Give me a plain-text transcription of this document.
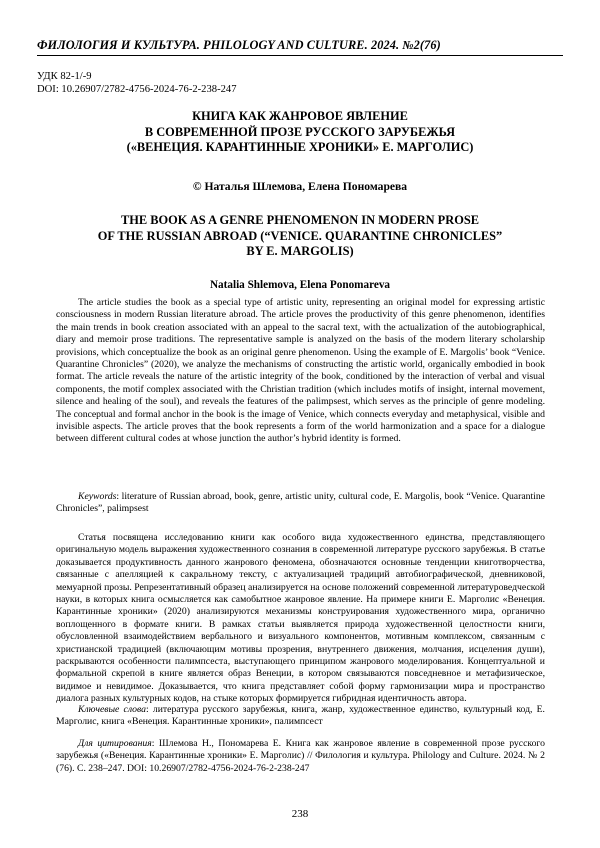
ФИЛОЛОГИЯ И КУЛЬТУРА. PHILOLOGY AND CULTURE. 2024. №2(76)
УДК 82-1/-9
DOI: 10.26907/2782-4756-2024-76-2-238-247
КНИГА КАК ЖАНРОВОЕ ЯВЛЕНИЕ
В СОВРЕМЕННОЙ ПРОЗЕ РУССКОГО ЗАРУБЕЖЬЯ
(«ВЕНЕЦИЯ. КАРАНТИННЫЕ ХРОНИКИ» Е. МАРГОЛИС)
© Наталья Шлемова, Елена Пономарева
THE BOOK AS A GENRE PHENOMENON IN MODERN PROSE
OF THE RUSSIAN ABROAD (“VENICE. QUARANTINE CHRONICLES”
BY E. MARGOLIS)
Natalia Shlemova, Elena Ponomareva

The article studies the book as a special type of artistic unity, representing an original model for expressing artistic consciousness in modern Russian literature abroad. The article proves the productivity of this genre phenomenon, identifies the main trends in book creation associated with an appeal to the sacral text, with the actualization of the autobiographical, diary and memoir prose traditions. The representative sample is analyzed on the basis of the modern literary scholarship provisions, which conceptualize the book as an original genre phenomenon. Using the example of E. Margolis’ book “Venice. Quarantine Chronicles” (2020), we analyze the mechanisms of constructing the artistic world, organically embodied in book format. The article reveals the nature of the artistic integrity of the book, conditioned by the interaction of verbal and visual components, the motif complex associated with the Christian tradition (which includes motifs of insight, internal movement, silence and healing of the soul), and reveals the features of the palimpsest, which serves as the principle of genre modeling. The conceptual and formal anchor in the book is the image of Venice, which connects everyday and metaphysical, visible and invisible aspects. The article proves that the book represents a form of the world harmonization and a space for a dialogue between different cultural codes at whose junction the author’s hybrid identity is formed.

Keywords: literature of Russian abroad, book, genre, artistic unity, cultural code, E. Margolis, book “Venice. Quarantine Chronicles”, palimpsest

Статья посвящена исследованию книги как особого вида художественного единства, представляющего оригинальную модель выражения художественного сознания в современной литературе русского зарубежья. В статье доказывается продуктивность данного жанрового феномена, обозначаются основные тенденции книготворчества, связанные с апелляцией к сакральному тексту, с актуализацией традиций автобиографической, дневниковой, мемуарной прозы. Репрезентативный образец анализируется на основе положений современной литературоведческой науки, в которых книга осмысляется как самобытное жанровое явление. На примере книги Е. Марголис «Венеция. Карантинные хроники» (2020) анализируются механизмы конструирования художественного мира, органично воплощенного в формате книги. В рамках статьи выявляется природа художественной целостности книги, обусловленной взаимодействием вербального и визуального компонентов, мотивным комплексом, связанным с христианской традицией (включающим мотивы прозрения, внутреннего движения, молчания, исцеления души), раскрываются особенности палимпсеста, выступающего принципом жанрового моделирования. Концептуальной и формальной скрепой в книге является образ Венеции, в котором связываются повседневное и метафизическое, видимое и невидимое. Доказывается, что книга представляет собой форму гармонизации мира и пространство диалога разных культурных кодов, на стыке которых формируется гибридная идентичность автора.

Ключевые слова: литература русского зарубежья, книга, жанр, художественное единство, культурный код, Е. Марголис, книга «Венеция. Карантинные хроники», палимпсест

Для цитирования: Шлемова Н., Пономарева Е. Книга как жанровое явление в современной прозе русского зарубежья («Венеция. Карантинные хроники» Е. Марголис) // Филология и культура. Philology and Culture. 2024. № 2 (76). С. 238–247. DOI: 10.26907/2782-4756-2024-76-2-238-247

238
